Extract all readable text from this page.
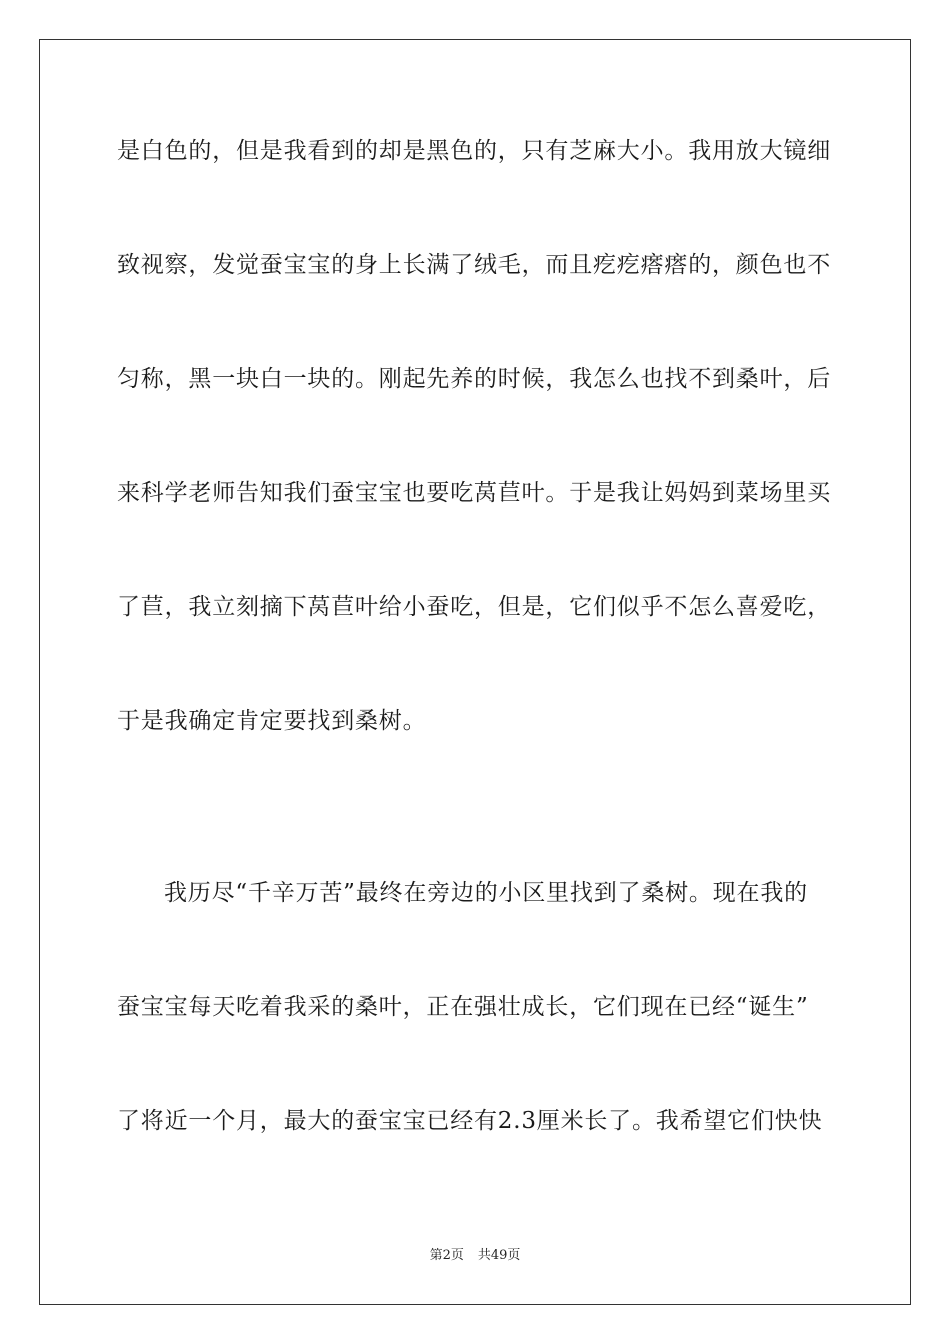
是白色的，但是我看到的却是黑色的，只有芝麻大小。我用放大镜细
致视察，发觉蚕宝宝的身上长满了绒毛，而且疙疙瘩瘩的，颜色也不
匀称，黑一块白一块的。刚起先养的时候，我怎么也找不到桑叶，后
来科学老师告知我们蚕宝宝也要吃莴苣叶。于是我让妈妈到菜场里买
了苣，我立刻摘下莴苣叶给小蚕吃，但是，它们似乎不怎么喜爱吃，
于是我确定肯定要找到桑树。
我历尽“千辛万苦”最终在旁边的小区里找到了桑树。现在我的
蚕宝宝每天吃着我采的桑叶，正在强壮成长，它们现在已经“诞生”
了将近一个月，最大的蚕宝宝已经有2.3厘米长了。我希望它们快快
第2页 共49页
